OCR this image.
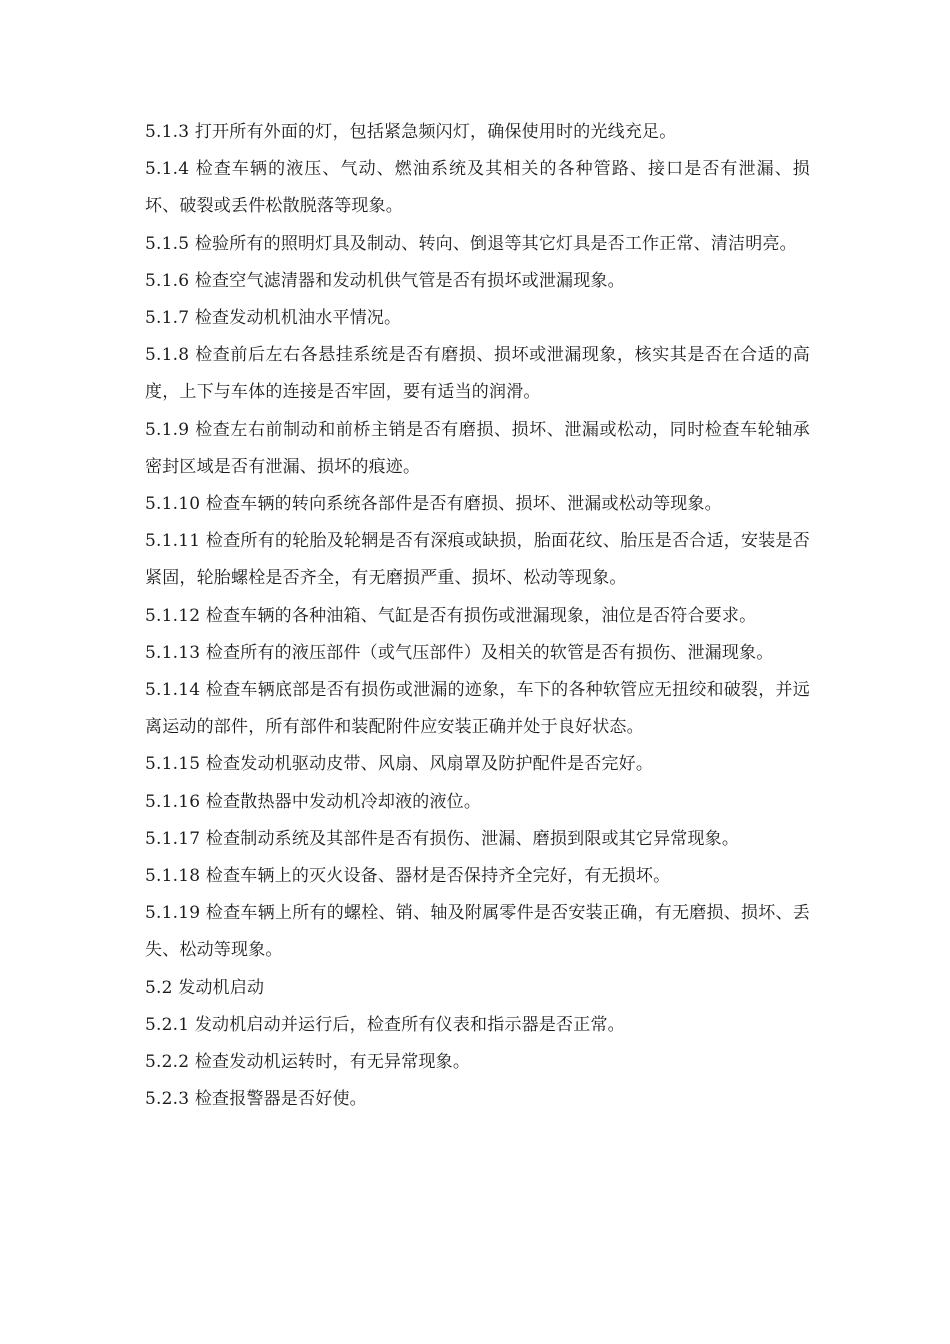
5.1.3 打开所有外面的灯，包括紧急频闪灯，确保使用时的光线充足。

5.1.4 检查车辆的液压、气动、燃油系统及其相关的各种管路、接口是否有泄漏、损坏、破裂或丢件松散脱落等现象。

5.1.5 检验所有的照明灯具及制动、转向、倒退等其它灯具是否工作正常、清洁明亮。

5.1.6 检查空气滤清器和发动机供气管是否有损坏或泄漏现象。

5.1.7 检查发动机机油水平情况。

5.1.8 检查前后左右各悬挂系统是否有磨损、损坏或泄漏现象，核实其是否在合适的高度，上下与车体的连接是否牢固，要有适当的润滑。

5.1.9 检查左右前制动和前桥主销是否有磨损、损坏、泄漏或松动，同时检查车轮轴承密封区域是否有泄漏、损坏的痕迹。

5.1.10 检查车辆的转向系统各部件是否有磨损、损坏、泄漏或松动等现象。

5.1.11 检查所有的轮胎及轮辋是否有深痕或缺损，胎面花纹、胎压是否合适，安装是否紧固，轮胎螺栓是否齐全，有无磨损严重、损坏、松动等现象。

5.1.12 检查车辆的各种油箱、气缸是否有损伤或泄漏现象，油位是否符合要求。

5.1.13 检查所有的液压部件（或气压部件）及相关的软管是否有损伤、泄漏现象。

5.1.14 检查车辆底部是否有损伤或泄漏的迹象，车下的各种软管应无扭绞和破裂，并远离运动的部件，所有部件和装配附件应安装正确并处于良好状态。

5.1.15 检查发动机驱动皮带、风扇、风扇罩及防护配件是否完好。

5.1.16 检查散热器中发动机冷却液的液位。

5.1.17 检查制动系统及其部件是否有损伤、泄漏、磨损到限或其它异常现象。

5.1.18 检查车辆上的灭火设备、器材是否保持齐全完好，有无损坏。

5.1.19 检查车辆上所有的螺栓、销、轴及附属零件是否安装正确，有无磨损、损坏、丢失、松动等现象。

5.2 发动机启动

5.2.1 发动机启动并运行后，检查所有仪表和指示器是否正常。

5.2.2 检查发动机运转时，有无异常现象。

5.2.3 检查报警器是否好使。
